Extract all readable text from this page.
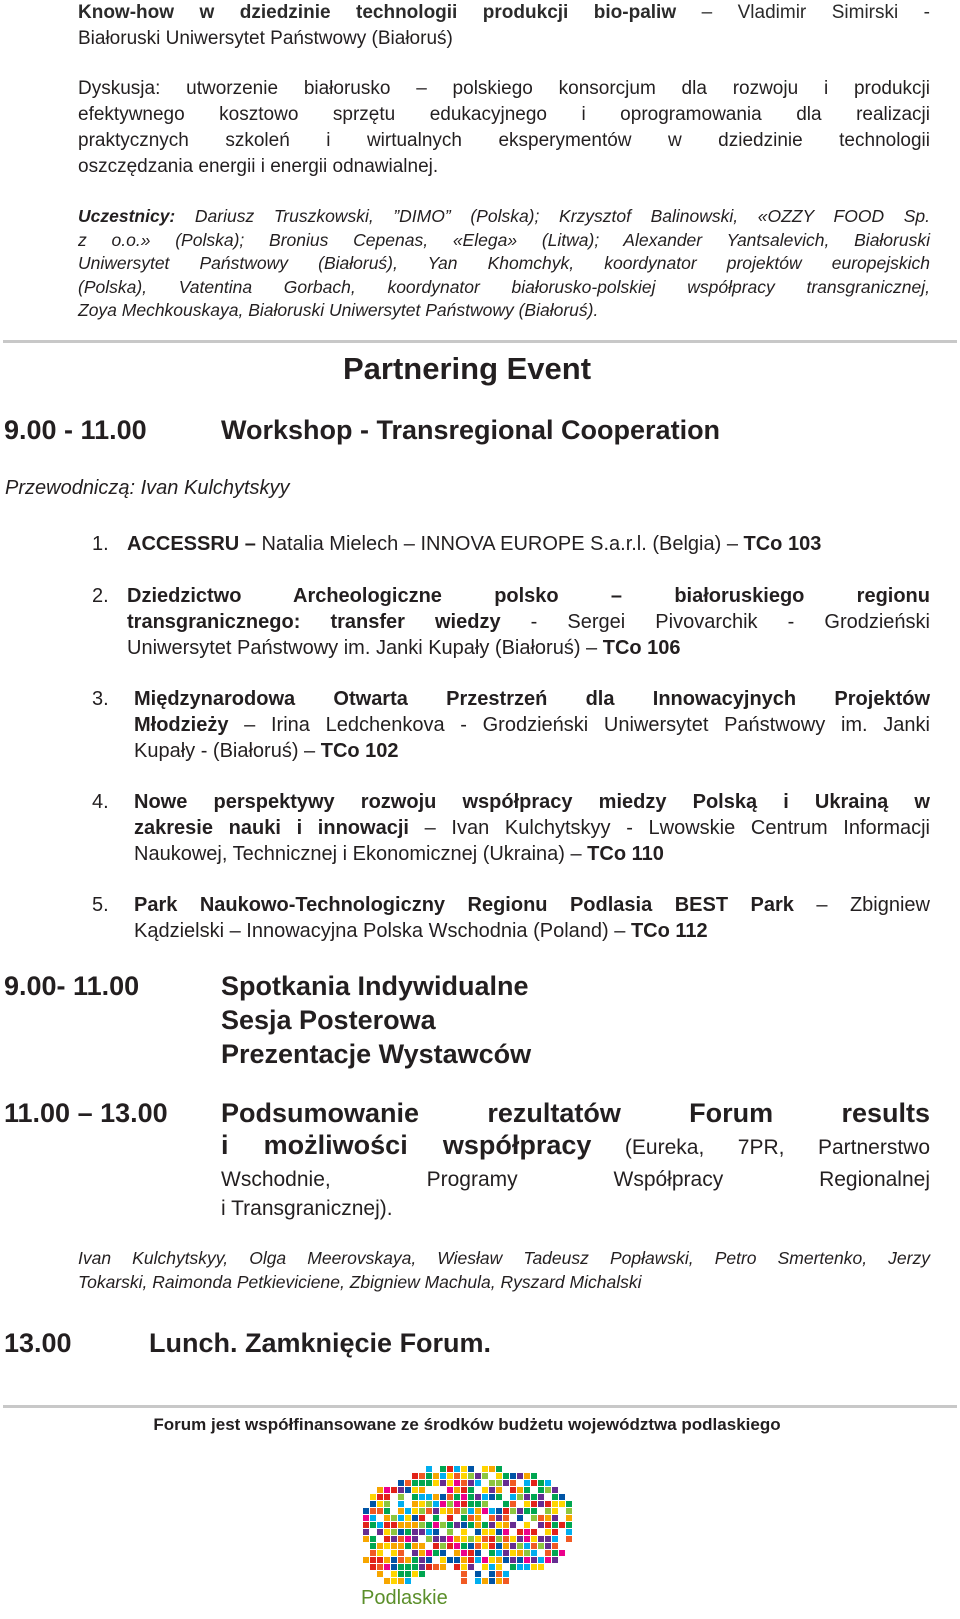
Know-how w dziedzinie technologii produkcji bio-paliw – Vladimir Simirski -
Białoruski Uniwersytet Państwowy (Białoruś)
Dyskusja: utworzenie białorusko – polskiego konsorcjum dla rozwoju i produkcji
efektywnego kosztowo sprzętu edukacyjnego i oprogramowania dla realizacji
praktycznych szkoleń i wirtualnych eksperymentów w dziedzinie technologii
oszczędzania energii i energii odnawialnej.
Uczestnicy: Dariusz Truszkowski, ”DIMO” (Polska); Krzysztof Balinowski, «OZZY FOOD Sp.
z o.o.» (Polska); Bronius Cepenas, «Elega» (Litwa); Alexander Yantsalevich, Białoruski
Uniwersytet Państwowy (Białoruś), Yan Khomchyk, koordynator projektów europejskich
(Polska), Vatentina Gorbach, koordynator białorusko-polskiej współpracy transgranicznej,
Zoya Mechkouskaya, Białoruski Uniwersytet Państwowy (Białoruś).
Partnering Event
9.00 - 11.00	Workshop - Transregional Cooperation
Przewodniczą: Ivan Kulchytskyy
1. ACCESSRU – Natalia Mielech – INNOVA EUROPE S.a.r.l. (Belgia) – TCo 103
2. Dziedzictwo Archeologiczne polsko – białoruskiego regionu
transgranicznego: transfer wiedzy - Sergei Pivovarchik - Grodzieński
Uniwersytet Państwowy im. Janki Kupały (Białoruś) – TCo 106
3. Międzynarodowa Otwarta Przestrzeń dla Innowacyjnych Projektów
Młodzieży – Irina Ledchenkova - Grodzieński Uniwersytet Państwowy im. Janki
Kupały - (Białoruś) – TCo 102
4. Nowe perspektywy rozwoju współpracy miedzy Polską i Ukrainą w
zakresie nauki i innowacji – Ivan Kulchytskyy - Lwowskie Centrum Informacji
Naukowej, Technicznej i Ekonomicznej (Ukraina) – TCo 110
5. Park Naukowo-Technologiczny Regionu Podlasia BEST Park – Zbigniew
Kądzielski – Innowacyjna Polska Wschodnia (Poland) – TCo 112
9.00- 11.00	Spotkania Indywidualne
Sesja Posterowa
Prezentacje Wystawców
11.00 – 13.00 Podsumowanie rezultatów Forum results
i możliwości współpracy (Eureka, 7PR, Partnerstwo
Wschodnie, Programy Współpracy Regionalnej
i Transgranicznej).
Ivan Kulchytskyy, Olga Meerovskaya, Wiesław Tadeusz Popławski, Petro Smertenko, Jerzy
Tokarski, Raimonda Petkieviciene, Zbigniew Machula, Ryszard Michalski
13.00	Lunch. Zamknięcie Forum.
Forum jest współfinansowane ze środków budżetu województwa podlaskiego
Podlaskie
